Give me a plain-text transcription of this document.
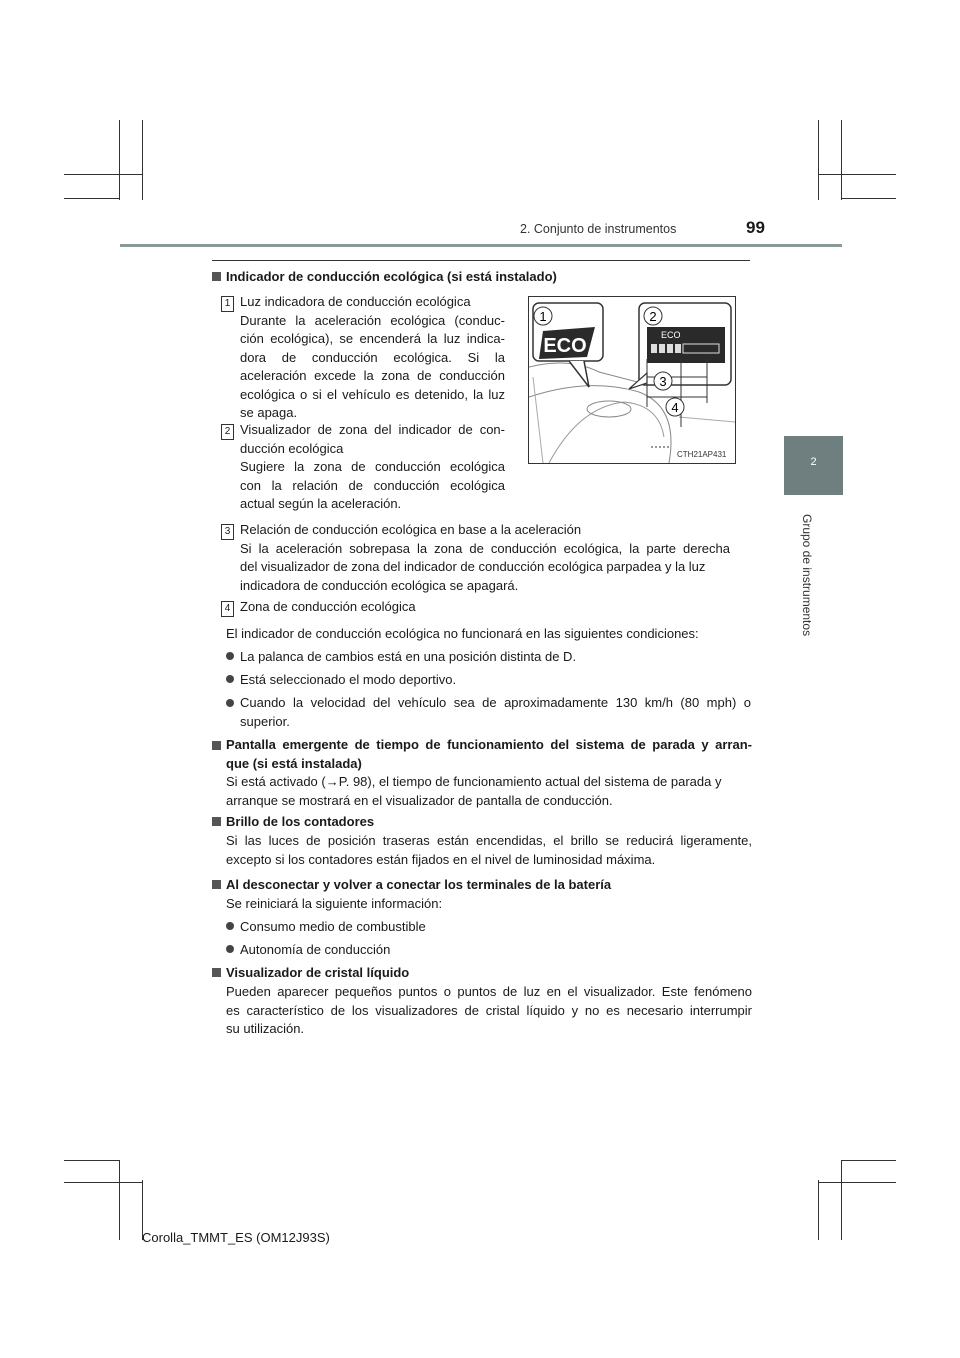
2. Conjunto de instrumentos	99
2
Grupo de instrumentos
Indicador de conducción ecológica (si está instalado)
1 Luz indicadora de conducción ecológica
Durante la aceleración ecológica (conduc-
ción ecológica), se encenderá la luz indica-
dora de conducción ecológica. Si la
aceleración excede la zona de conducción
ecológica o si el vehículo es detenido, la luz
se apaga.
2 Visualizador de zona del indicador de con-
ducción ecológica
Sugiere la zona de conducción ecológica
con la relación de conducción ecológica
actual según la aceleración.
ECO	ECO
1	2
3
4
CTH21AP431
3 Relación de conducción ecológica en base a la aceleración
Si la aceleración sobrepasa la zona de conducción ecológica, la parte derecha
del visualizador de zona del indicador de conducción ecológica parpadea y la luz
indicadora de conducción ecológica se apagará.
4 Zona de conducción ecológica
El indicador de conducción ecológica no funcionará en las siguientes condiciones:
La palanca de cambios está en una posición distinta de D.
Está seleccionado el modo deportivo.
Cuando la velocidad del vehículo sea de aproximadamente 130 km/h (80 mph) o
superior.
Pantalla emergente de tiempo de funcionamiento del sistema de parada y arran-
que (si está instalada)
Si está activado (→P. 98), el tiempo de funcionamiento actual del sistema de parada y
arranque se mostrará en el visualizador de pantalla de conducción.
Brillo de los contadores
Si las luces de posición traseras están encendidas, el brillo se reducirá ligeramente,
excepto si los contadores están fijados en el nivel de luminosidad máxima.
Al desconectar y volver a conectar los terminales de la batería
Se reiniciará la siguiente información:
Consumo medio de combustible
Autonomía de conducción
Visualizador de cristal líquido
Pueden aparecer pequeños puntos o puntos de luz en el visualizador. Este fenómeno
es característico de los visualizadores de cristal líquido y no es necesario interrumpir
su utilización.
Corolla_TMMT_ES (OM12J93S)
